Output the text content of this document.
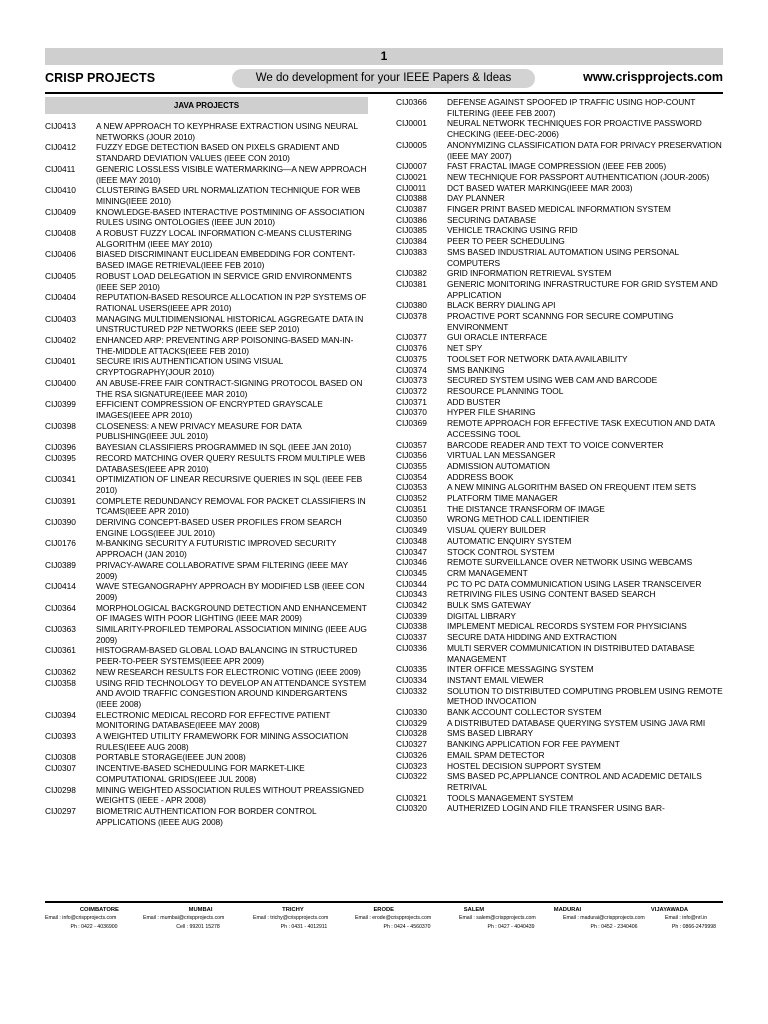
1
CRISP PROJECTS	We do development for your IEEE Papers & Ideas	www.crispprojects.com
JAVA PROJECTS
CIJ0413	A NEW APPROACH TO KEYPHRASE EXTRACTION USING NEURAL NETWORKS (JOUR 2010)
CIJ0412	FUZZY EDGE DETECTION BASED ON PIXELS GRADIENT AND STANDARD DEVIATION VALUES (IEEE CON 2010)
CIJ0411	GENERIC LOSSLESS VISIBLE WATERMARKING—A NEW APPROACH (IEEE MAY 2010)
CIJ0410	CLUSTERING BASED URL NORMALIZATION TECHNIQUE FOR WEB MINING(IEEE 2010)
CIJ0409	KNOWLEDGE-BASED INTERACTIVE POSTMINING OF ASSOCIATION RULES USING ONTOLOGIES (IEEE JUN 2010)
CIJ0408	A ROBUST FUZZY LOCAL INFORMATION C-MEANS CLUSTERING ALGORITHM (IEEE MAY 2010)
CIJ0406	BIASED DISCRIMINANT EUCLIDEAN EMBEDDING FOR CONTENT-BASED IMAGE RETRIEVAL(IEEE FEB 2010)
CIJ0405	ROBUST LOAD DELEGATION IN SERVICE GRID ENVIRONMENTS (IEEE SEP 2010)
CIJ0404	REPUTATION-BASED RESOURCE ALLOCATION IN P2P SYSTEMS OF RATIONAL USERS(IEEE APR 2010)
CIJ0403	MANAGING MULTIDIMENSIONAL HISTORICAL AGGREGATE DATA IN UNSTRUCTURED P2P NETWORKS (IEEE SEP 2010)
CIJ0402	ENHANCED ARP: PREVENTING ARP POISONING-BASED MAN-IN-THE-MIDDLE ATTACKS(IEEE FEB 2010)
CIJ0401	SECURE IRIS AUTHENTICATION USING VISUAL CRYPTOGRAPHY(JOUR 2010)
CIJ0400	AN ABUSE-FREE FAIR CONTRACT-SIGNING PROTOCOL BASED ON THE RSA SIGNATURE(IEEE MAR 2010)
CIJ0399	EFFICIENT COMPRESSION OF ENCRYPTED GRAYSCALE IMAGES(IEEE APR 2010)
CIJ0398	CLOSENESS: A NEW PRIVACY MEASURE FOR DATA PUBLISHING(IEEE JUL 2010)
CIJ0396	BAYESIAN CLASSIFIERS PROGRAMMED IN SQL (IEEE JAN 2010)
CIJ0395	RECORD MATCHING OVER QUERY RESULTS FROM MULTIPLE WEB DATABASES(IEEE APR 2010)
CIJ0341	OPTIMIZATION OF LINEAR RECURSIVE QUERIES IN SQL (IEEE FEB 2010)
CIJ0391	COMPLETE REDUNDANCY REMOVAL FOR PACKET CLASSIFIERS IN TCAMS(IEEE APR 2010)
CIJ0390	DERIVING CONCEPT-BASED USER PROFILES FROM SEARCH ENGINE LOGS(IEEE JUL 2010)
CIJ0176	M-BANKING SECURITY A FUTURISTIC IMPROVED SECURITY APPROACH (JAN 2010)
CIJ0389	PRIVACY-AWARE COLLABORATIVE SPAM FILTERING (IEEE MAY 2009)
CIJ0414	WAVE STEGANOGRAPHY APPROACH BY MODIFIED LSB (IEEE CON 2009)
CIJ0364	MORPHOLOGICAL BACKGROUND DETECTION AND ENHANCEMENT OF IMAGES WITH POOR LIGHTING (IEEE MAR 2009)
CIJ0363	SIMILARITY-PROFILED TEMPORAL ASSOCIATION MINING (IEEE AUG 2009)
CIJ0361	HISTOGRAM-BASED GLOBAL LOAD BALANCING IN STRUCTURED PEER-TO-PEER SYSTEMS(IEEE APR 2009)
CIJ0362	NEW RESEARCH RESULTS FOR ELECTRONIC VOTING (IEEE 2009)
CIJ0358	USING RFID TECHNOLOGY TO DEVELOP AN ATTENDANCE SYSTEM AND AVOID TRAFFIC CONGESTION AROUND KINDERGARTENS (IEEE 2008)
CIJ0394	ELECTRONIC MEDICAL RECORD FOR EFFECTIVE PATIENT MONITORING DATABASE(IEEE MAY 2008)
CIJ0393	A WEIGHTED UTILITY FRAMEWORK FOR MINING ASSOCIATION RULES(IEEE AUG 2008)
CIJ0308	PORTABLE STORAGE(IEEE JUN 2008)
CIJ0307	INCENTIVE-BASED SCHEDULING FOR MARKET-LIKE COMPUTATIONAL GRIDS(IEEE JUL 2008)
CIJ0298	MINING WEIGHTED ASSOCIATION RULES WITHOUT PREASSIGNED WEIGHTS (IEEE - APR 2008)
CIJ0297	BIOMETRIC AUTHENTICATION FOR BORDER CONTROL APPLICATIONS (IEEE AUG 2008)
CIJ0366	DEFENSE AGAINST SPOOFED IP TRAFFIC USING HOP-COUNT FILTERING (IEEE FEB 2007)
CIJ0001	NEURAL NETWORK TECHNIQUES FOR PROACTIVE PASSWORD CHECKING (IEEE-DEC-2006)
CIJ0005	ANONYMIZING CLASSIFICATION DATA FOR PRIVACY PRESERVATION (IEEE MAY 2007)
CIJ0007	FAST FRACTAL IMAGE COMPRESSION (IEEE FEB 2005)
CIJ0021	NEW TECHNIQUE FOR PASSPORT AUTHENTICATION (JOUR-2005)
CIJ0011	DCT BASED WATER MARKING(IEEE MAR 2003)
CIJ0388	DAY PLANNER
CIJ0387	FINGER PRINT BASED MEDICAL INFORMATION SYSTEM
CIJ0386	SECURING DATABASE
CIJ0385	VEHICLE TRACKING USING RFID
CIJ0384	PEER TO PEER SCHEDULING
CIJ0383	SMS BASED INDUSTRIAL AUTOMATION USING PERSONAL COMPUTERS
CIJ0382	GRID INFORMATION RETRIEVAL SYSTEM
CIJ0381	GENERIC MONITORING INFRASTRUCTURE FOR GRID SYSTEM AND APPLICATION
CIJ0380	BLACK BERRY DIALING API
CIJ0378	PROACTIVE PORT SCANNNG FOR SECURE COMPUTING ENVIRONMENT
CIJ0377	GUI ORACLE INTERFACE
CIJ0376	NET SPY
CIJ0375	TOOLSET FOR NETWORK DATA AVAILABILITY
CIJ0374	SMS BANKING
CIJ0373	SECURED SYSTEM USING WEB CAM AND BARCODE
CIJ0372	RESOURCE PLANNING TOOL
CIJ0371	ADD BUSTER
CIJ0370	HYPER FILE SHARING
CIJ0369	REMOTE APPROACH FOR EFFECTIVE TASK EXECUTION AND DATA ACCESSING TOOL
CIJ0357	BARCODE READER AND TEXT TO VOICE CONVERTER
CIJ0356	VIRTUAL LAN MESSANGER
CIJ0355	ADMISSION AUTOMATION
CIJ0354	ADDRESS BOOK
CIJ0353	A NEW MINING ALGORITHM BASED ON FREQUENT ITEM SETS
CIJ0352	PLATFORM TIME MANAGER
CIJ0351	THE DISTANCE TRANSFORM OF IMAGE
CIJ0350	WRONG METHOD CALL IDENTIFIER
CIJ0349	VISUAL QUERY BUILDER
CIJ0348	AUTOMATIC ENQUIRY SYSTEM
CIJ0347	STOCK CONTROL SYSTEM
CIJ0346	REMOTE SURVEILLANCE OVER NETWORK USING WEBCAMS
CIJ0345	CRM MANAGEMENT
CIJ0344	PC TO PC DATA COMMUNICATION USING LASER TRANSCEIVER
CIJ0343	RETRIVING FILES USING CONTENT BASED SEARCH
CIJ0342	BULK SMS GATEWAY
CIJ0339	DIGITAL LIBRARY
CIJ0338	IMPLEMENT MEDICAL RECORDS SYSTEM FOR PHYSICIANS
CIJ0337	SECURE DATA HIDDING AND EXTRACTION
CIJ0336	MULTI SERVER COMMUNICATION IN DISTRIBUTED DATABASE MANAGEMENT
CIJ0335	INTER OFFICE MESSAGING SYSTEM
CIJ0334	INSTANT EMAIL VIEWER
CIJ0332	SOLUTION TO DISTRIBUTED COMPUTING PROBLEM USING REMOTE METHOD INVOCATION
CIJ0330	BANK ACCOUNT COLLECTOR SYSTEM
CIJ0329	A DISTRIBUTED DATABASE QUERYING SYSTEM USING JAVA RMI
CIJ0328	SMS BASED LIBRARY
CIJ0327	BANKING APPLICATION FOR FEE PAYMENT
CIJ0326	EMAIL SPAM DETECTOR
CIJ0323	HOSTEL DECISION SUPPORT SYSTEM
CIJ0322	SMS BASED PC,APPLIANCE CONTROL AND ACADEMIC DETAILS RETRIVAL
CIJ0321	TOOLS MANAGEMENT SYSTEM
CIJ0320	AUTHERIZED LOGIN AND FILE TRANSFER USING BAR-
COIMBATORE	MUMBAI	TRICHY	ERODE	SALEM	MADURAI	VIJAYAWADA
Email : info@crispprojects.com	Email : mumbai@crispprojects.com	Email : trichy@crispprojects.com	Email : erode@crispprojects.com	Email : salem@crispprojects.com	Email : madurai@crispprojects.com	Email : info@nrl.in
Ph : 0422 - 4036900	Cell : 99201 15278	Ph : 0431 - 4012911	Ph : 0424 - 4560370	Ph : 0427 - 4040439	Ph : 0452 - 2340406	Ph : 0866-2479998
